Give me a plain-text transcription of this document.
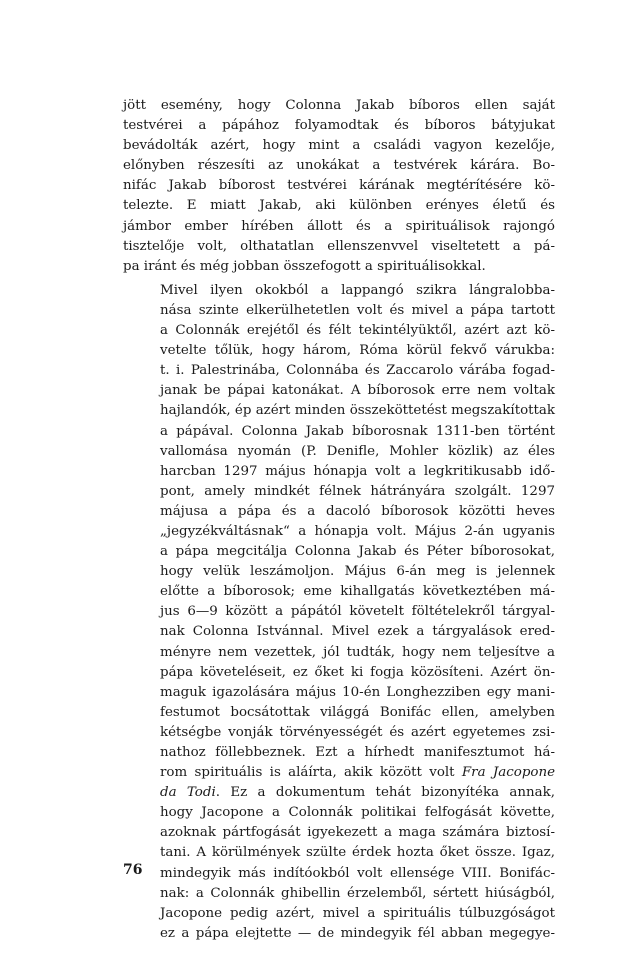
jött esemény, hogy Colonna Jakab bíboros ellen saját
testvérei a pápához folyamodtak és bíboros bátyjukat
bevádolták azért, hogy mint a családi vagyon kezelője,
előnyben részesíti az unokákat a testvérek kárára. Bo-
nifác Jakab bíborost testvérei kárának megtérítésére kö-
telezte. E miatt Jakab, aki különben erényes életű és
jámbor ember hírében állott és a spirituálisok rajongó
tisztelője volt, olthatatlan ellenszenvvel viseltetett a pá-
pa iránt és még jobban összefogott a spirituálisokkal.

Mivel ilyen okokból a lappangó szikra lángralobba-
nása szinte elkerülhetetlen volt és mivel a pápa tartott
a Colonnák erejétől és félt tekintélyüktől, azért azt kö-
vetelte tőlük, hogy három, Róma körül fekvő várukba:
t. i. Palestrinába, Colonnába és Zaccarolo várába fogad-
janak be pápai katonákat. A bíborosok erre nem voltak
hajlandók, ép azért minden összeköttetést megszakítottak
a pápával. Colonna Jakab bíborosnak 1311-ben történt
vallomása nyomán (P. Denifle, Mohler közlik) az éles
harcban 1297 május hónapja volt a legkritikusabb idő-
pont, amely mindkét félnek hátrányára szolgált. 1297
májusa a pápa és a dacoló bíborosok közötti heves
„jegyzékváltásnak“ a hónapja volt. Május 2-án ugyanis
a pápa megcitálja Colonna Jakab és Péter bíborosokat,
hogy velük leszámoljon. Május 6-án meg is jelennek
előtte a bíborosok; eme kihallgatás következtében má-
jus 6—9 között a pápától követelt föltételekről tárgyal-
nak Colonna Istvánnal. Mivel ezek a tárgyalások ered-
ményre nem vezettek, jól tudták, hogy nem teljesítve a
pápa követeléseit, ez őket ki fogja közösíteni. Azért ön-
maguk igazolására május 10-én Longhezziben egy mani-
festumot bocsátottak világgá Bonifác ellen, amelyben
kétségbe vonják törvényességét és azért egyetemes zsi-
nathoz föllebbeznek. Ezt a hírhedt manifesztumot há-
rom spirituális is aláírta, akik között volt Fra Jacopone
da Todi. Ez a dokumentum tehát bizonyítéka annak,
hogy Jacopone a Colonnák politikai felfogását követte,
azoknak pártfogását igyekezett a maga számára biztosí-
tani. A körülmények szülte érdek hozta őket össze. Igaz,
mindegyik más indítóokból volt ellensége VIII. Bonifác-
nak: a Colonnák ghibellin érzelemből, sértett hiúságból,
Jacopone pedig azért, mivel a spirituális túlbuzgóságot
ez a pápa elejtette — de mindegyik fél abban megegye-

76
